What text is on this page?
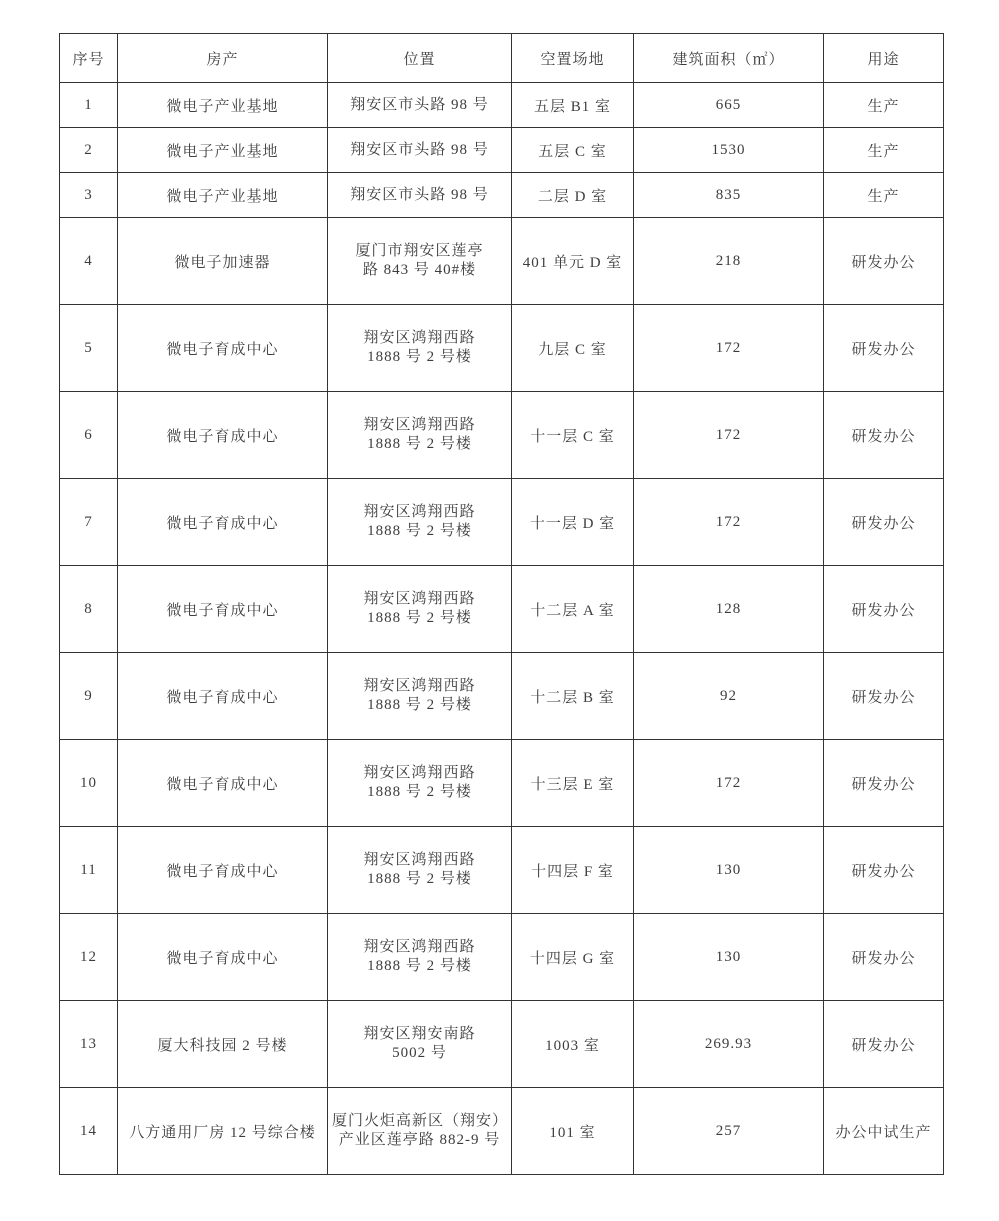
序号	房产	位置	空置场地	建筑面积（㎡）	用途
1	微电子产业基地	翔安区市头路 98 号	五层 B1 室	665	生产
2	微电子产业基地	翔安区市头路 98 号	五层 C 室	1530	生产
3	微电子产业基地	翔安区市头路 98 号	二层 D 室	835	生产
4	微电子加速器	厦门市翔安区莲亭
路 843 号 40#楼	401 单元 D 室	218	研发办公
5	微电子育成中心	翔安区鸿翔西路
1888 号 2 号楼	九层 C 室	172	研发办公
6	微电子育成中心	翔安区鸿翔西路
1888 号 2 号楼	十一层 C 室	172	研发办公
7	微电子育成中心	翔安区鸿翔西路
1888 号 2 号楼	十一层 D 室	172	研发办公
8	微电子育成中心	翔安区鸿翔西路
1888 号 2 号楼	十二层 A 室	128	研发办公
9	微电子育成中心	翔安区鸿翔西路
1888 号 2 号楼	十二层 B 室	92	研发办公
10	微电子育成中心	翔安区鸿翔西路
1888 号 2 号楼	十三层 E 室	172	研发办公
11	微电子育成中心	翔安区鸿翔西路
1888 号 2 号楼	十四层 F 室	130	研发办公
12	微电子育成中心	翔安区鸿翔西路
1888 号 2 号楼	十四层 G 室	130	研发办公
13	厦大科技园 2 号楼	翔安区翔安南路
5002 号	1003 室	269.93	研发办公
14	八方通用厂房 12 号综合楼	厦门火炬高新区（翔安）
产业区莲亭路 882-9 号	101 室	257	办公中试生产
